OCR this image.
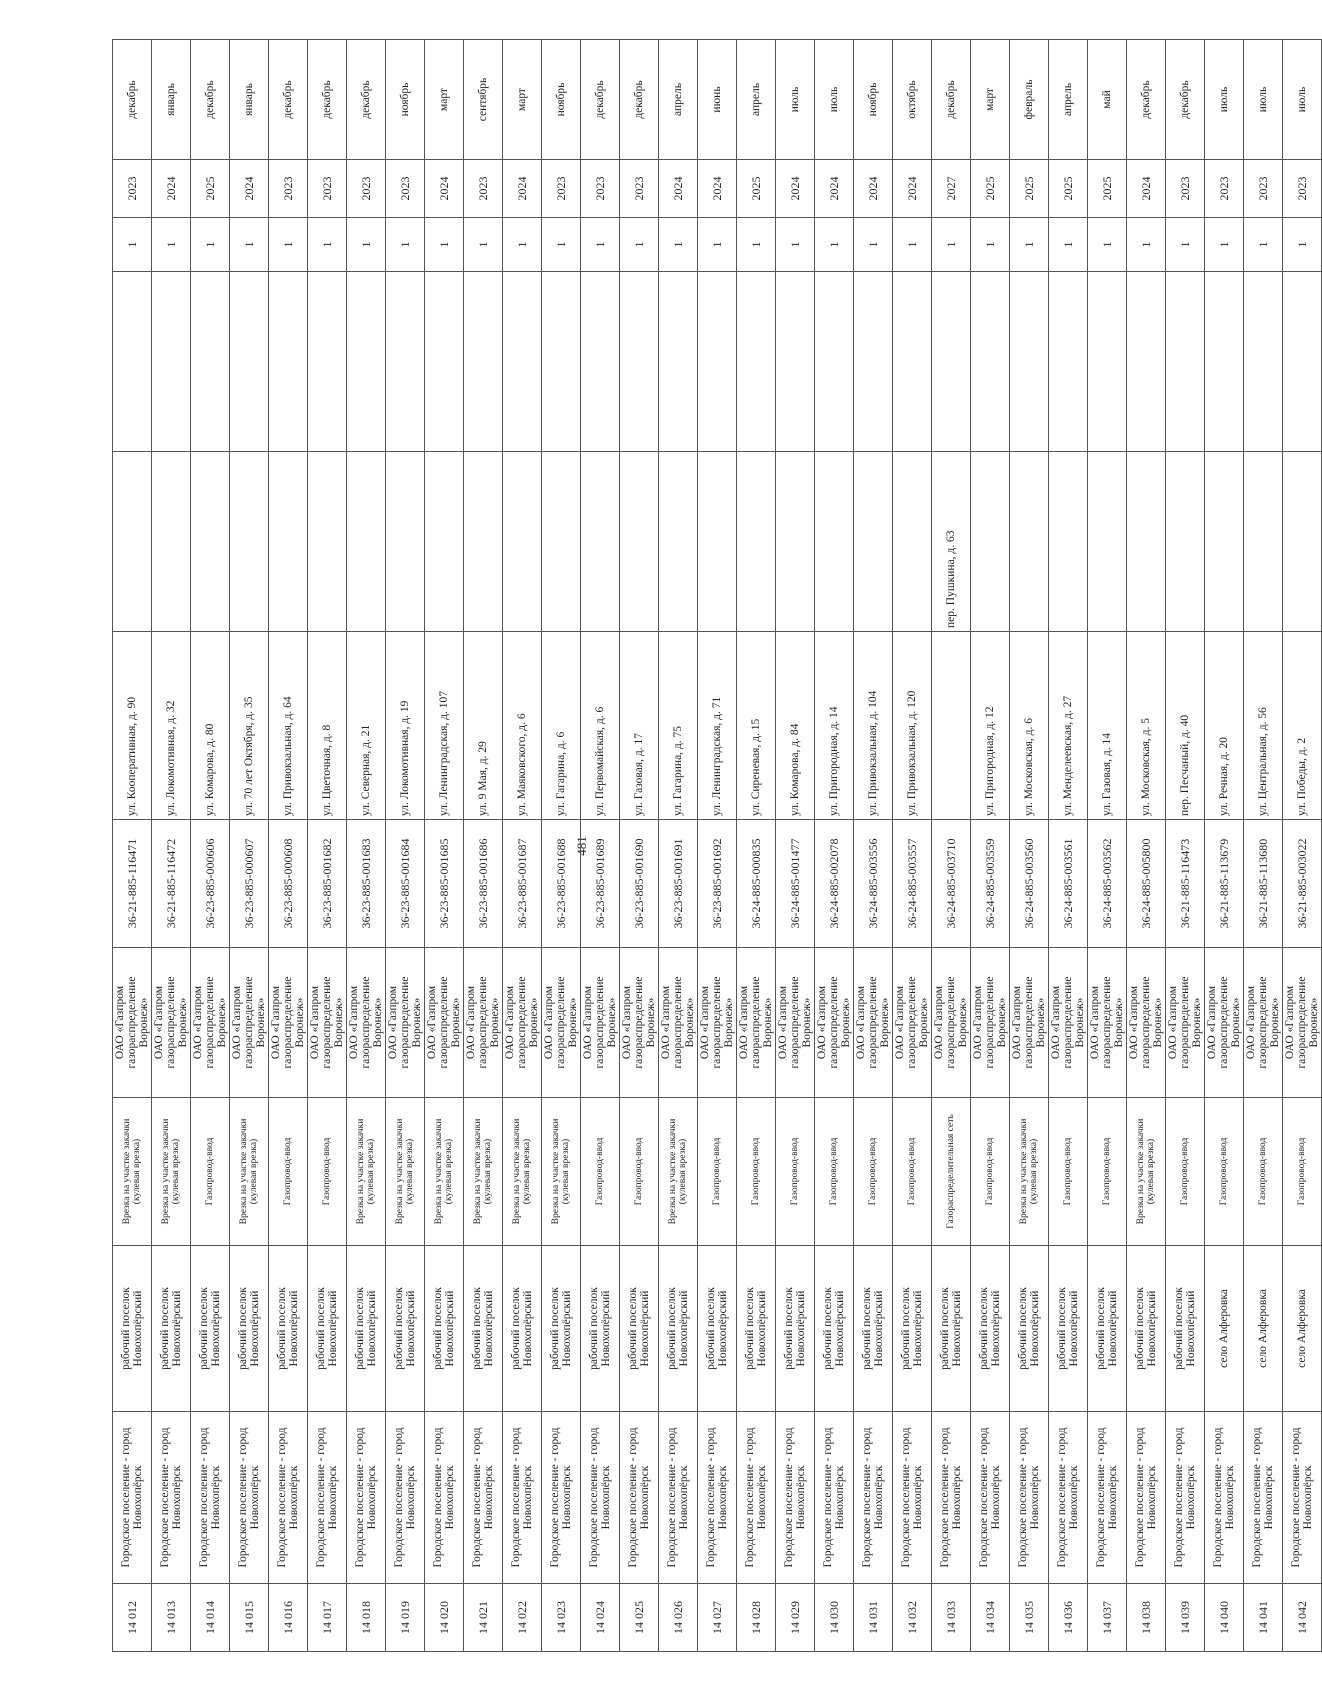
481
14 012	Городское поселение - город Новохопёрск	рабочий поселок Новохопёрский	Врезка на участке закачки (кулевая врезка)	ОАО «Газпром газораспределение Воронеж»	36-21-885-116471	ул. Кооперативная, д. 90			1	2023	декабрь
14 013	Городское поселение - город Новохопёрск	рабочий поселок Новохопёрский	Врезка на участке закачки (кулевая врезка)	ОАО «Газпром газораспределение Воронеж»	36-21-885-116472	ул. Локомотивная, д. 32			1	2024	январь
14 014	Городское поселение - город Новохопёрск	рабочий поселок Новохопёрский	Газопровод-ввод	ОАО «Газпром газораспределение Воронеж»	36-23-885-000606	ул. Комарова, д. 80			1	2025	декабрь
14 015	Городское поселение - город Новохопёрск	рабочий поселок Новохопёрский	Врезка на участке закачки (кулевая врезка)	ОАО «Газпром газораспределение Воронеж»	36-23-885-000607	ул. 70 лет Октября, д. 35			1	2024	январь
14 016	Городское поселение - город Новохопёрск	рабочий поселок Новохопёрский	Газопровод-ввод	ОАО «Газпром газораспределение Воронеж»	36-23-885-000608	ул. Привокзальная, д. 64			1	2023	декабрь
14 017	Городское поселение - город Новохопёрск	рабочий поселок Новохопёрский	Газопровод-ввод	ОАО «Газпром газораспределение Воронеж»	36-23-885-001682	ул. Цветочная, д. 8			1	2023	декабрь
14 018	Городское поселение - город Новохопёрск	рабочий поселок Новохопёрский	Врезка на участке закачки (кулевая врезка)	ОАО «Газпром газораспределение Воронеж»	36-23-885-001683	ул. Северная, д. 21			1	2023	декабрь
14 019	Городское поселение - город Новохопёрск	рабочий поселок Новохопёрский	Врезка на участке закачки (кулевая врезка)	ОАО «Газпром газораспределение Воронеж»	36-23-885-001684	ул. Локомотивная, д. 19			1	2023	ноябрь
14 020	Городское поселение - город Новохопёрск	рабочий поселок Новохопёрский	Врезка на участке закачки (кулевая врезка)	ОАО «Газпром газораспределение Воронеж»	36-23-885-001685	ул. Ленинградская, д. 107			1	2024	март
14 021	Городское поселение - город Новохопёрск	рабочий поселок Новохопёрский	Врезка на участке закачки (кулевая врезка)	ОАО «Газпром газораспределение Воронеж»	36-23-885-001686	ул. 9 Мая, д. 29			1	2023	сентябрь
14 022	Городское поселение - город Новохопёрск	рабочий поселок Новохопёрский	Врезка на участке закачки (кулевая врезка)	ОАО «Газпром газораспределение Воронеж»	36-23-885-001687	ул. Маяковского, д. 6			1	2024	март
14 023	Городское поселение - город Новохопёрск	рабочий поселок Новохопёрский	Врезка на участке закачки (кулевая врезка)	ОАО «Газпром газораспределение Воронеж»	36-23-885-001688	ул. Гагарина, д. 6			1	2023	ноябрь
14 024	Городское поселение - город Новохопёрск	рабочий поселок Новохопёрский	Газопровод-ввод	ОАО «Газпром газораспределение Воронеж»	36-23-885-001689	ул. Первомайская, д. 6			1	2023	декабрь
14 025	Городское поселение - город Новохопёрск	рабочий поселок Новохопёрский	Газопровод-ввод	ОАО «Газпром газораспределение Воронеж»	36-23-885-001690	ул. Газовая, д. 17			1	2023	декабрь
14 026	Городское поселение - город Новохопёрск	рабочий поселок Новохопёрский	Врезка на участке закачки (кулевая врезка)	ОАО «Газпром газораспределение Воронеж»	36-23-885-001691	ул. Гагарина, д. 75			1	2024	апрель
14 027	Городское поселение - город Новохопёрск	рабочий поселок Новохопёрский	Газопровод-ввод	ОАО «Газпром газораспределение Воронеж»	36-23-885-001692	ул. Ленинградская, д. 71			1	2024	июнь
14 028	Городское поселение - город Новохопёрск	рабочий поселок Новохопёрский	Газопровод-ввод	ОАО «Газпром газораспределение Воронеж»	36-24-885-000835	ул. Сиреневая, д. 15			1	2025	апрель
14 029	Городское поселение - город Новохопёрск	рабочий поселок Новохопёрский	Газопровод-ввод	ОАО «Газпром газораспределение Воронеж»	36-24-885-001477	ул. Комарова, д. 84			1	2024	июль
14 030	Городское поселение - город Новохопёрск	рабочий поселок Новохопёрский	Газопровод-ввод	ОАО «Газпром газораспределение Воронеж»	36-24-885-002078	ул. Пригородная, д. 14			1	2024	июль
14 031	Городское поселение - город Новохопёрск	рабочий поселок Новохопёрский	Газопровод-ввод	ОАО «Газпром газораспределение Воронеж»	36-24-885-003556	ул. Привокзальная, д. 104			1	2024	ноябрь
14 032	Городское поселение - город Новохопёрск	рабочий поселок Новохопёрский	Газопровод-ввод	ОАО «Газпром газораспределение Воронеж»	36-24-885-003557	ул. Привокзальная, д. 120			1	2024	октябрь
14 033	Городское поселение - город Новохопёрск	рабочий поселок Новохопёрский	Газораспределительная сеть	ОАО «Газпром газораспределение Воронеж»	36-24-885-003710		пер. Пушкина, д. 63		1	2027	декабрь
14 034	Городское поселение - город Новохопёрск	рабочий поселок Новохопёрский	Газопровод-ввод	ОАО «Газпром газораспределение Воронеж»	36-24-885-003559	ул. Пригородная, д. 12			1	2025	март
14 035	Городское поселение - город Новохопёрск	рабочий поселок Новохопёрский	Врезка на участке закачки (кулевая врезка)	ОАО «Газпром газораспределение Воронеж»	36-24-885-003560	ул. Московская, д. 6			1	2025	февраль
14 036	Городское поселение - город Новохопёрск	рабочий поселок Новохопёрский	Газопровод-ввод	ОАО «Газпром газораспределение Воронеж»	36-24-885-003561	ул. Менделеевская, д. 27			1	2025	апрель
14 037	Городское поселение - город Новохопёрск	рабочий поселок Новохопёрский	Газопровод-ввод	ОАО «Газпром газораспределение Воронеж»	36-24-885-003562	ул. Газовая, д. 14			1	2025	май
14 038	Городское поселение - город Новохопёрск	рабочий поселок Новохопёрский	Врезка на участке закачки (кулевая врезка)	ОАО «Газпром газораспределение Воронеж»	36-24-885-005800	ул. Московская, д. 5			1	2024	декабрь
14 039	Городское поселение - город Новохопёрск	рабочий поселок Новохопёрский	Газопровод-ввод	ОАО «Газпром газораспределение Воронеж»	36-21-885-116473	пер. Песчаный, д. 40			1	2023	декабрь
14 040	Городское поселение - город Новохопёрск	село Алферовка	Газопровод-ввод	ОАО «Газпром газораспределение Воронеж»	36-21-885-113679	ул. Речная, д. 20			1	2023	июль
14 041	Городское поселение - город Новохопёрск	село Алферовка	Газопровод-ввод	ОАО «Газпром газораспределение Воронеж»	36-21-885-113680	ул. Центральная, д. 56			1	2023	июль
14 042	Городское поселение - город Новохопёрск	село Алферовка	Газопровод-ввод	ОАО «Газпром газораспределение Воронеж»	36-21-885-003022	ул. Победы, д. 2			1	2023	июль
